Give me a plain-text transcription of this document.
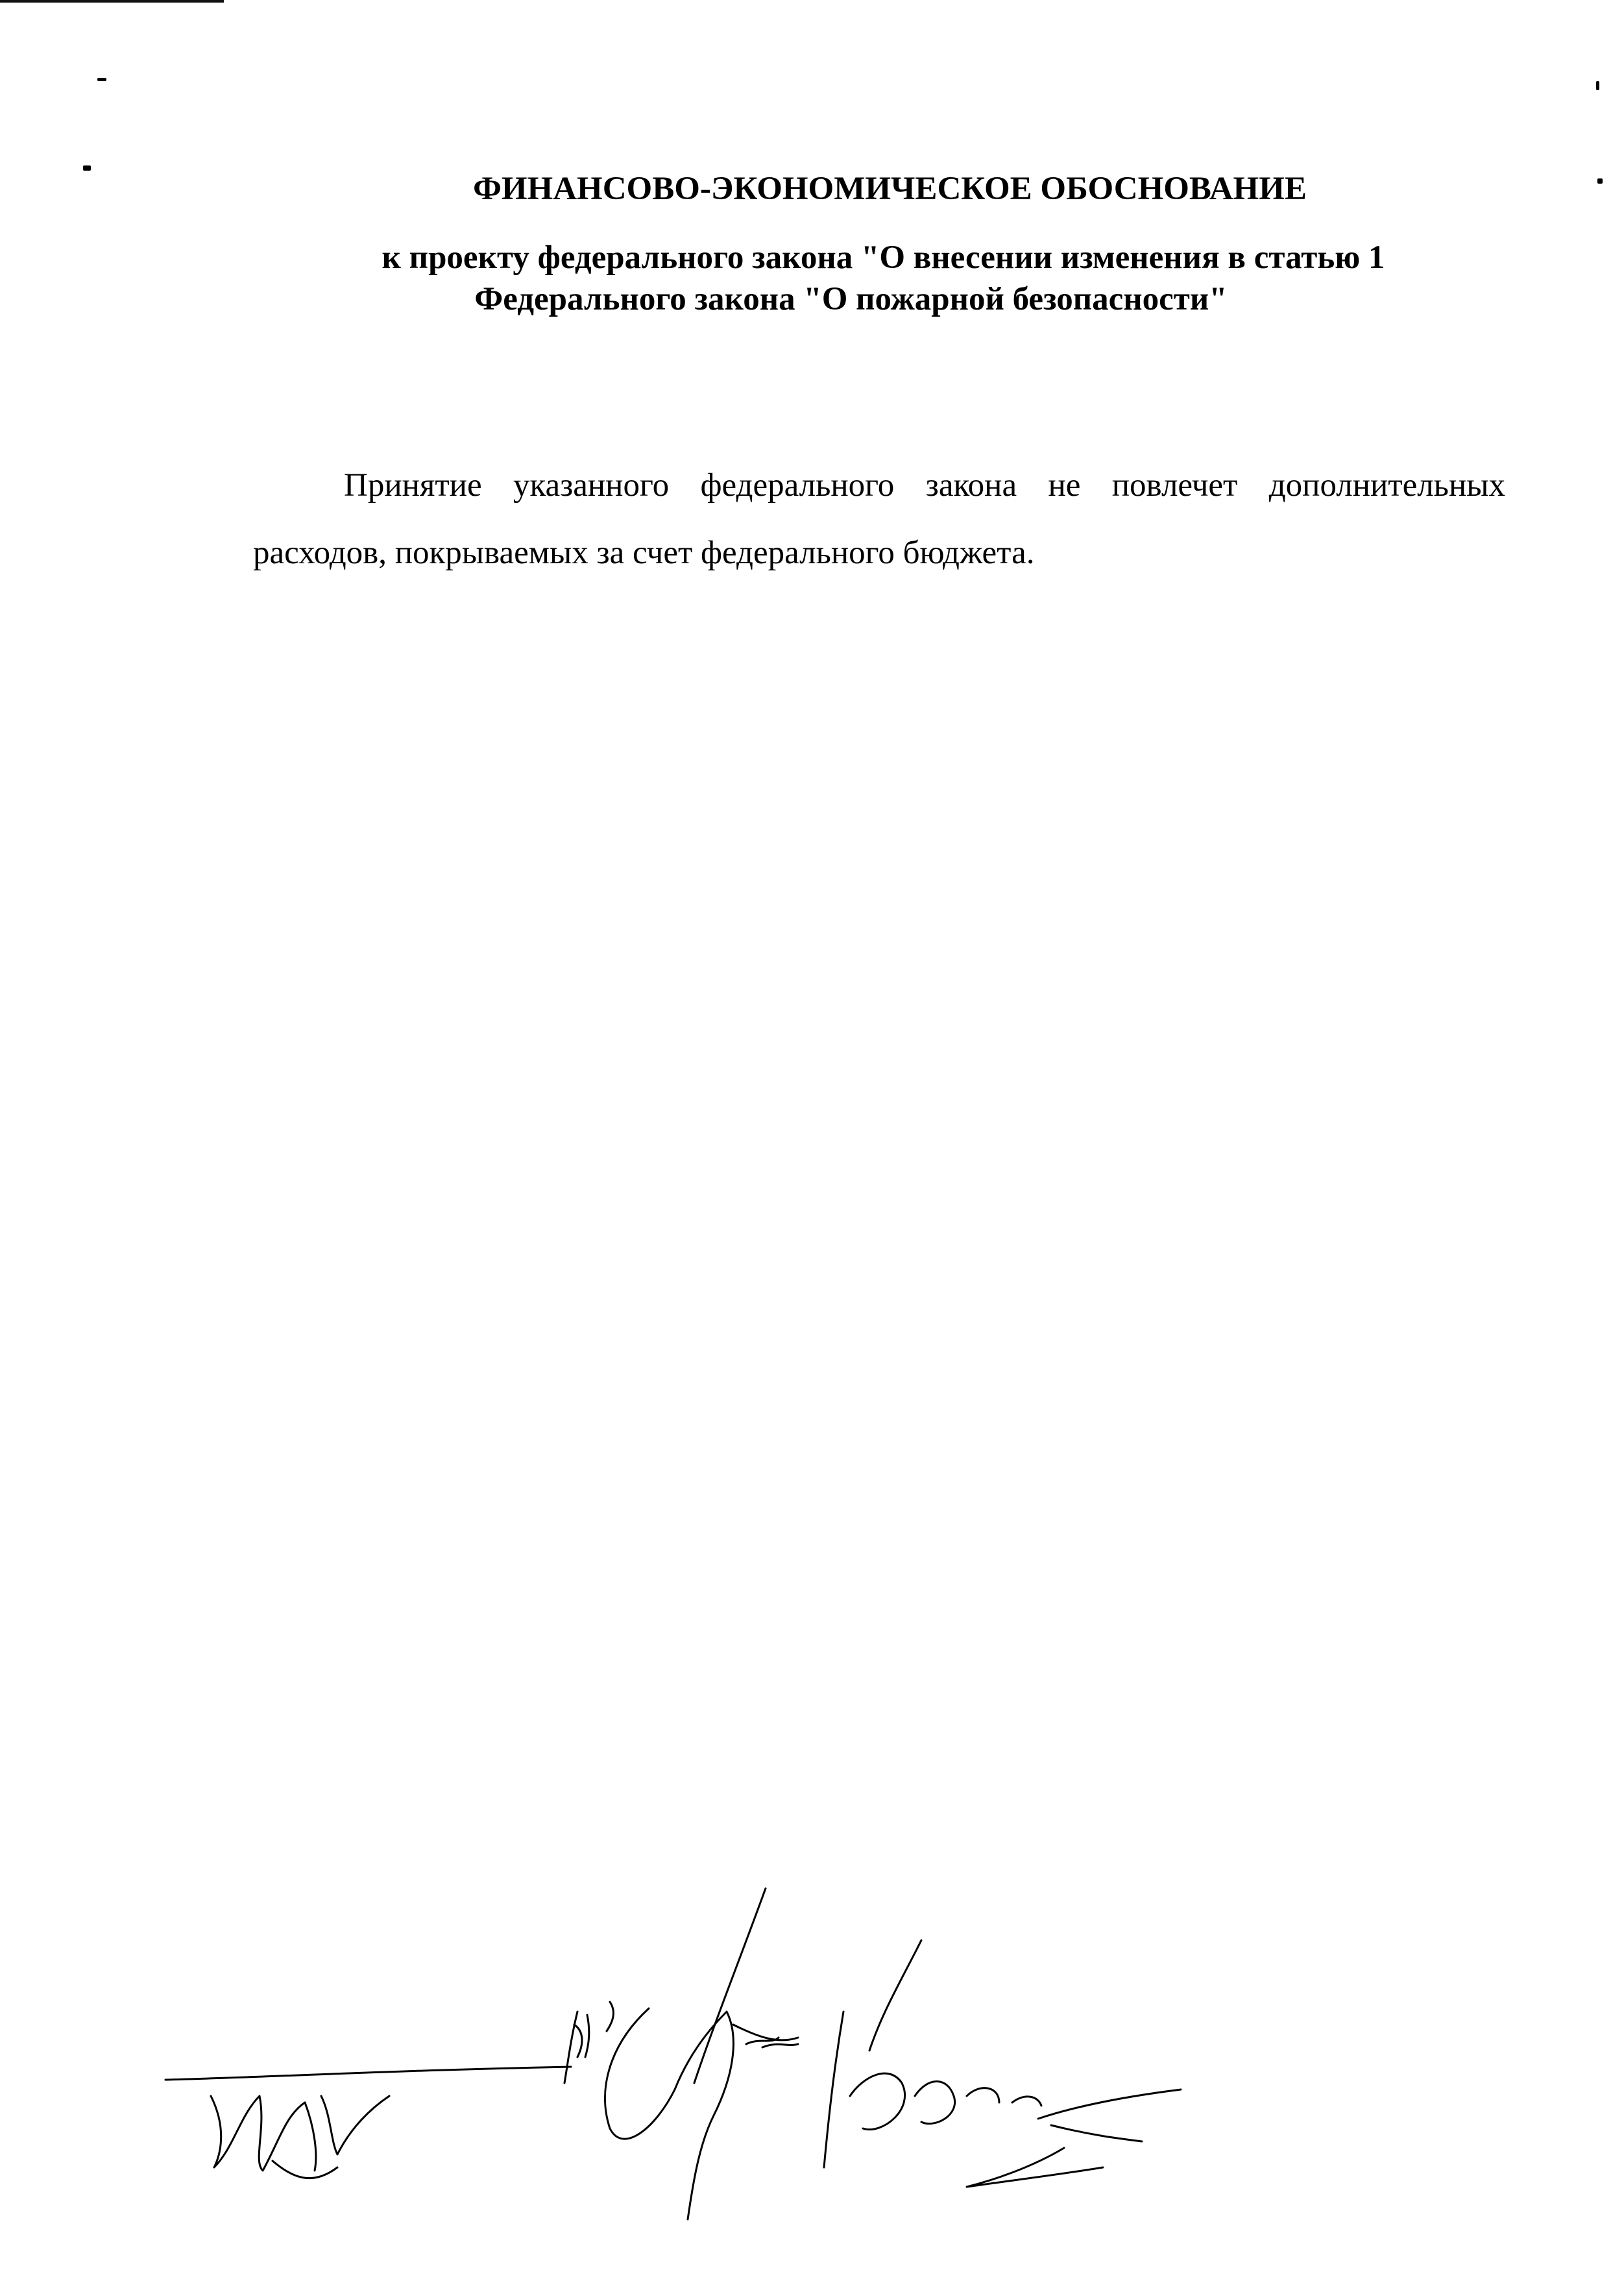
ФИНАНСОВО-ЭКОНОМИЧЕСКОЕ ОБОСНОВАНИЕ
к проекту федерального закона "О внесении изменения в статью 1
Федерального закона "О пожарной безопасности"
Принятие указанного федерального закона не повлечет дополнительных расходов, покрываемых за счет федерального бюджета.
